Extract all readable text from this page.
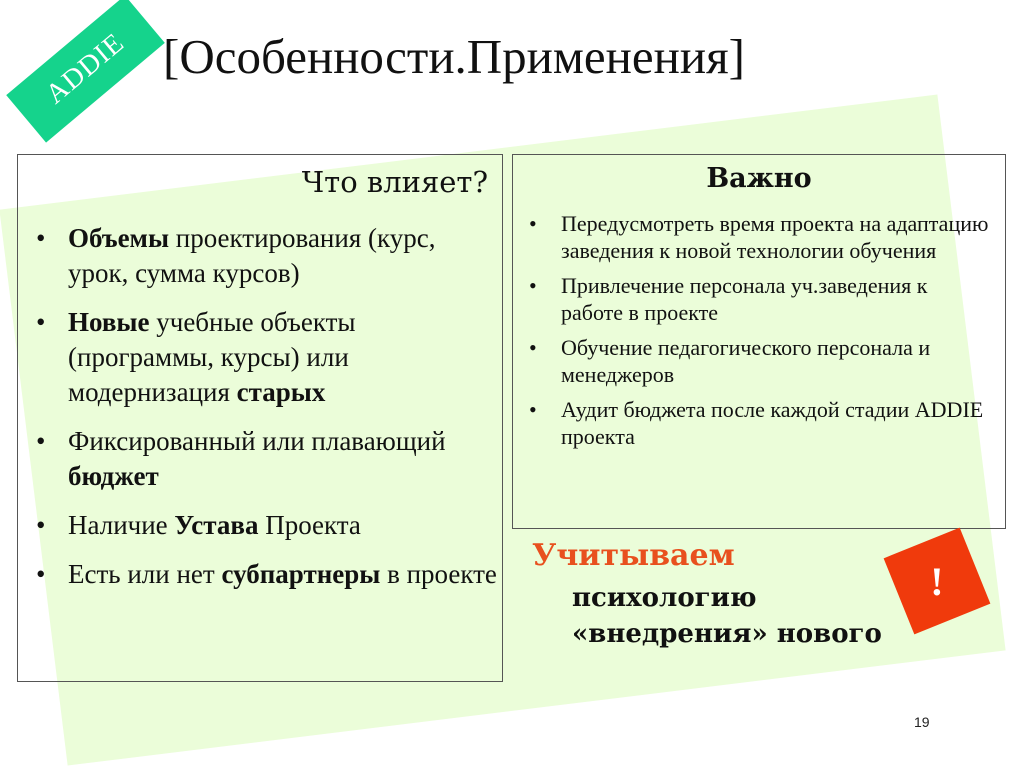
ADDIE [Особенности.Применения]
Что влияет?
• Объемы проектирования (курс, урок, сумма курсов)
• Новые учебные объекты (программы, курсы) или модернизация старых
• Фиксированный или плавающий бюджет
• Наличие Устава Проекта
• Есть или нет субпартнеры в проекте
Важно
• Передусмотреть время проекта на адаптацию заведения к новой технологии обучения
• Привлечение персонала уч.заведения к работе в проекте
• Обучение педагогического персонала и менеджеров
• Аудит бюджета после каждой стадии ADDIE проекта
Учитываем
психологию
«внедрения» нового
!
19
